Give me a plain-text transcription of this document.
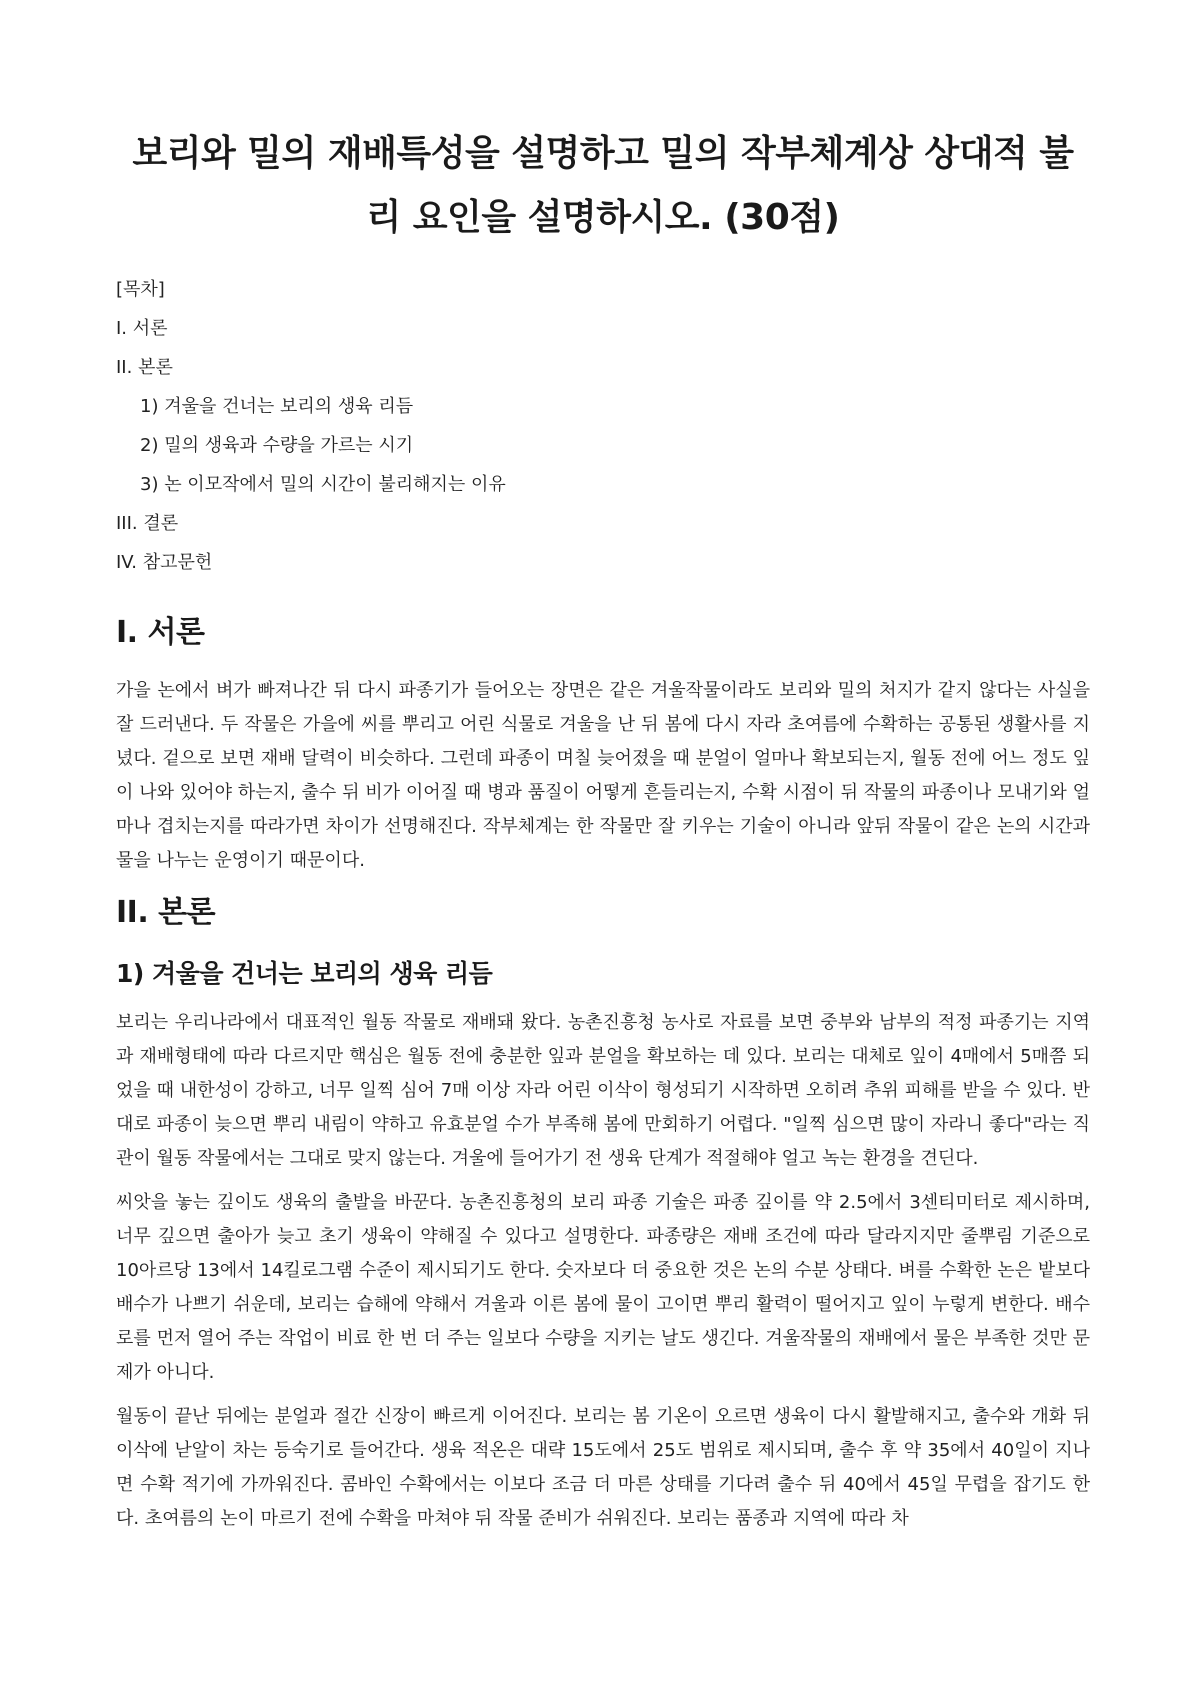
보리와 밀의 재배특성을 설명하고 밀의 작부체계상 상대적 불리 요인을 설명하시오. (30점)
[목차]
I. 서론
II. 본론
1) 겨울을 건너는 보리의 생육 리듬
2) 밀의 생육과 수량을 가르는 시기
3) 논 이모작에서 밀의 시간이 불리해지는 이유
III. 결론
IV. 참고문헌
I. 서론

가을 논에서 벼가 빠져나간 뒤 다시 파종기가 들어오는 장면은 같은 겨울작물이라도 보리와 밀의 처지가 같지 않다는 사실을 잘 드러낸다. 두 작물은 가을에 씨를 뿌리고 어린 식물로 겨울을 난 뒤 봄에 다시 자라 초여름에 수확하는 공통된 생활사를 지녔다. 겉으로 보면 재배 달력이 비슷하다. 그런데 파종이 며칠 늦어졌을 때 분얼이 얼마나 확보되는지, 월동 전에 어느 정도 잎이 나와 있어야 하는지, 출수 뒤 비가 이어질 때 병과 품질이 어떻게 흔들리는지, 수확 시점이 뒤 작물의 파종이나 모내기와 얼마나 겹치는지를 따라가면 차이가 선명해진다. 작부체계는 한 작물만 잘 키우는 기술이 아니라 앞뒤 작물이 같은 논의 시간과 물을 나누는 운영이기 때문이다.

II. 본론
1) 겨울을 건너는 보리의 생육 리듬

보리는 우리나라에서 대표적인 월동 작물로 재배돼 왔다. 농촌진흥청 농사로 자료를 보면 중부와 남부의 적정 파종기는 지역과 재배형태에 따라 다르지만 핵심은 월동 전에 충분한 잎과 분얼을 확보하는 데 있다. 보리는 대체로 잎이 4매에서 5매쯤 되었을 때 내한성이 강하고, 너무 일찍 심어 7매 이상 자라 어린 이삭이 형성되기 시작하면 오히려 추위 피해를 받을 수 있다. 반대로 파종이 늦으면 뿌리 내림이 약하고 유효분얼 수가 부족해 봄에 만회하기 어렵다. "일찍 심으면 많이 자라니 좋다"라는 직관이 월동 작물에서는 그대로 맞지 않는다. 겨울에 들어가기 전 생육 단계가 적절해야 얼고 녹는 환경을 견딘다.

씨앗을 놓는 깊이도 생육의 출발을 바꾼다. 농촌진흥청의 보리 파종 기술은 파종 깊이를 약 2.5에서 3센티미터로 제시하며, 너무 깊으면 출아가 늦고 초기 생육이 약해질 수 있다고 설명한다. 파종량은 재배 조건에 따라 달라지지만 줄뿌림 기준으로 10아르당 13에서 14킬로그램 수준이 제시되기도 한다. 숫자보다 더 중요한 것은 논의 수분 상태다. 벼를 수확한 논은 밭보다 배수가 나쁘기 쉬운데, 보리는 습해에 약해서 겨울과 이른 봄에 물이 고이면 뿌리 활력이 떨어지고 잎이 누렇게 변한다. 배수로를 먼저 열어 주는 작업이 비료 한 번 더 주는 일보다 수량을 지키는 날도 생긴다. 겨울작물의 재배에서 물은 부족한 것만 문제가 아니다.

월동이 끝난 뒤에는 분얼과 절간 신장이 빠르게 이어진다. 보리는 봄 기온이 오르면 생육이 다시 활발해지고, 출수와 개화 뒤 이삭에 낟알이 차는 등숙기로 들어간다. 생육 적온은 대략 15도에서 25도 범위로 제시되며, 출수 후 약 35에서 40일이 지나면 수확 적기에 가까워진다. 콤바인 수확에서는 이보다 조금 더 마른 상태를 기다려 출수 뒤 40에서 45일 무렵을 잡기도 한다. 초여름의 논이 마르기 전에 수확을 마쳐야 뒤 작물 준비가 쉬워진다. 보리는 품종과 지역에 따라 차
